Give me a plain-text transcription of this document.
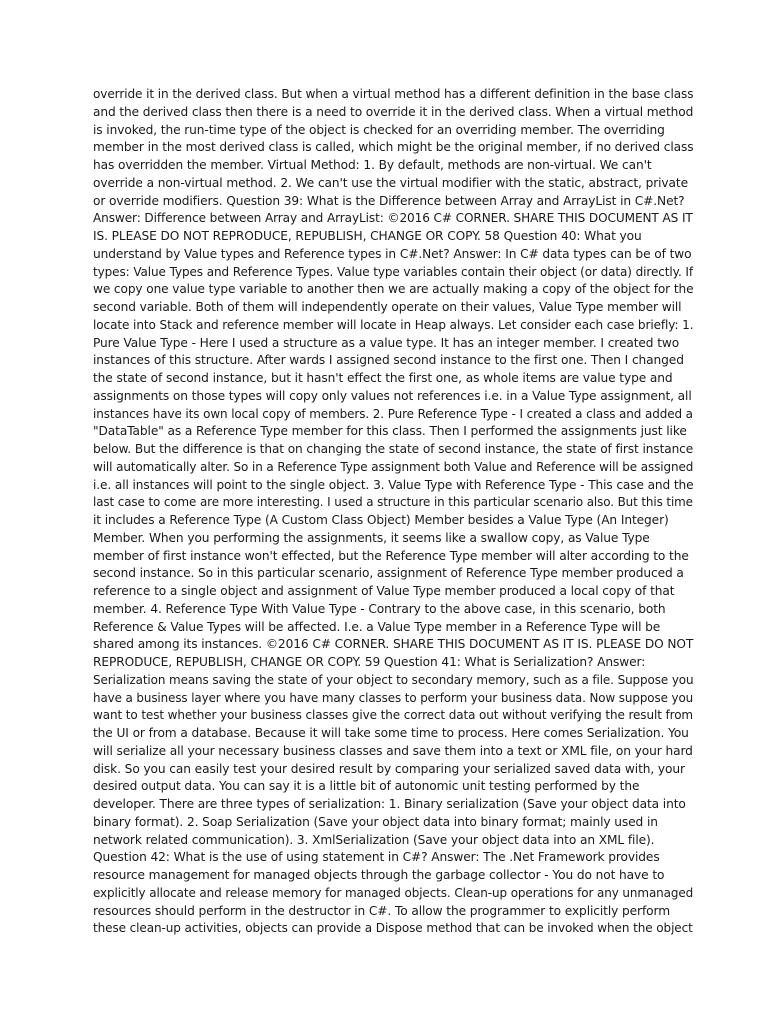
override it in the derived class. But when a virtual method has a different definition in the base class
and the derived class then there is a need to override it in the derived class. When a virtual method
is invoked, the run-time type of the object is checked for an overriding member. The overriding
member in the most derived class is called, which might be the original member, if no derived class
has overridden the member. Virtual Method: 1. By default, methods are non-virtual. We can't
override a non-virtual method. 2. We can't use the virtual modifier with the static, abstract, private
or override modifiers. Question 39: What is the Difference between Array and ArrayList in C#.Net?
Answer: Difference between Array and ArrayList: ©2016 C# CORNER. SHARE THIS DOCUMENT AS IT
IS. PLEASE DO NOT REPRODUCE, REPUBLISH, CHANGE OR COPY. 58 Question 40: What you
understand by Value types and Reference types in C#.Net? Answer: In C# data types can be of two
types: Value Types and Reference Types. Value type variables contain their object (or data) directly. If
we copy one value type variable to another then we are actually making a copy of the object for the
second variable. Both of them will independently operate on their values, Value Type member will
locate into Stack and reference member will locate in Heap always. Let consider each case briefly: 1.
Pure Value Type - Here I used a structure as a value type. It has an integer member. I created two
instances of this structure. After wards I assigned second instance to the first one. Then I changed
the state of second instance, but it hasn't effect the first one, as whole items are value type and
assignments on those types will copy only values not references i.e. in a Value Type assignment, all
instances have its own local copy of members. 2. Pure Reference Type - I created a class and added a
"DataTable" as a Reference Type member for this class. Then I performed the assignments just like
below. But the difference is that on changing the state of second instance, the state of first instance
will automatically alter. So in a Reference Type assignment both Value and Reference will be assigned
i.e. all instances will point to the single object. 3. Value Type with Reference Type - This case and the
last case to come are more interesting. I used a structure in this particular scenario also. But this time
it includes a Reference Type (A Custom Class Object) Member besides a Value Type (An Integer)
Member. When you performing the assignments, it seems like a swallow copy, as Value Type
member of first instance won't effected, but the Reference Type member will alter according to the
second instance. So in this particular scenario, assignment of Reference Type member produced a
reference to a single object and assignment of Value Type member produced a local copy of that
member. 4. Reference Type With Value Type - Contrary to the above case, in this scenario, both
Reference & Value Types will be affected. I.e. a Value Type member in a Reference Type will be
shared among its instances. ©2016 C# CORNER. SHARE THIS DOCUMENT AS IT IS. PLEASE DO NOT
REPRODUCE, REPUBLISH, CHANGE OR COPY. 59 Question 41: What is Serialization? Answer:
Serialization means saving the state of your object to secondary memory, such as a file. Suppose you
have a business layer where you have many classes to perform your business data. Now suppose you
want to test whether your business classes give the correct data out without verifying the result from
the UI or from a database. Because it will take some time to process. Here comes Serialization. You
will serialize all your necessary business classes and save them into a text or XML file, on your hard
disk. So you can easily test your desired result by comparing your serialized saved data with, your
desired output data. You can say it is a little bit of autonomic unit testing performed by the
developer. There are three types of serialization: 1. Binary serialization (Save your object data into
binary format). 2. Soap Serialization (Save your object data into binary format; mainly used in
network related communication). 3. XmlSerialization (Save your object data into an XML file).
Question 42: What is the use of using statement in C#? Answer: The .Net Framework provides
resource management for managed objects through the garbage collector - You do not have to
explicitly allocate and release memory for managed objects. Clean-up operations for any unmanaged
resources should perform in the destructor in C#. To allow the programmer to explicitly perform
these clean-up activities, objects can provide a Dispose method that can be invoked when the object
